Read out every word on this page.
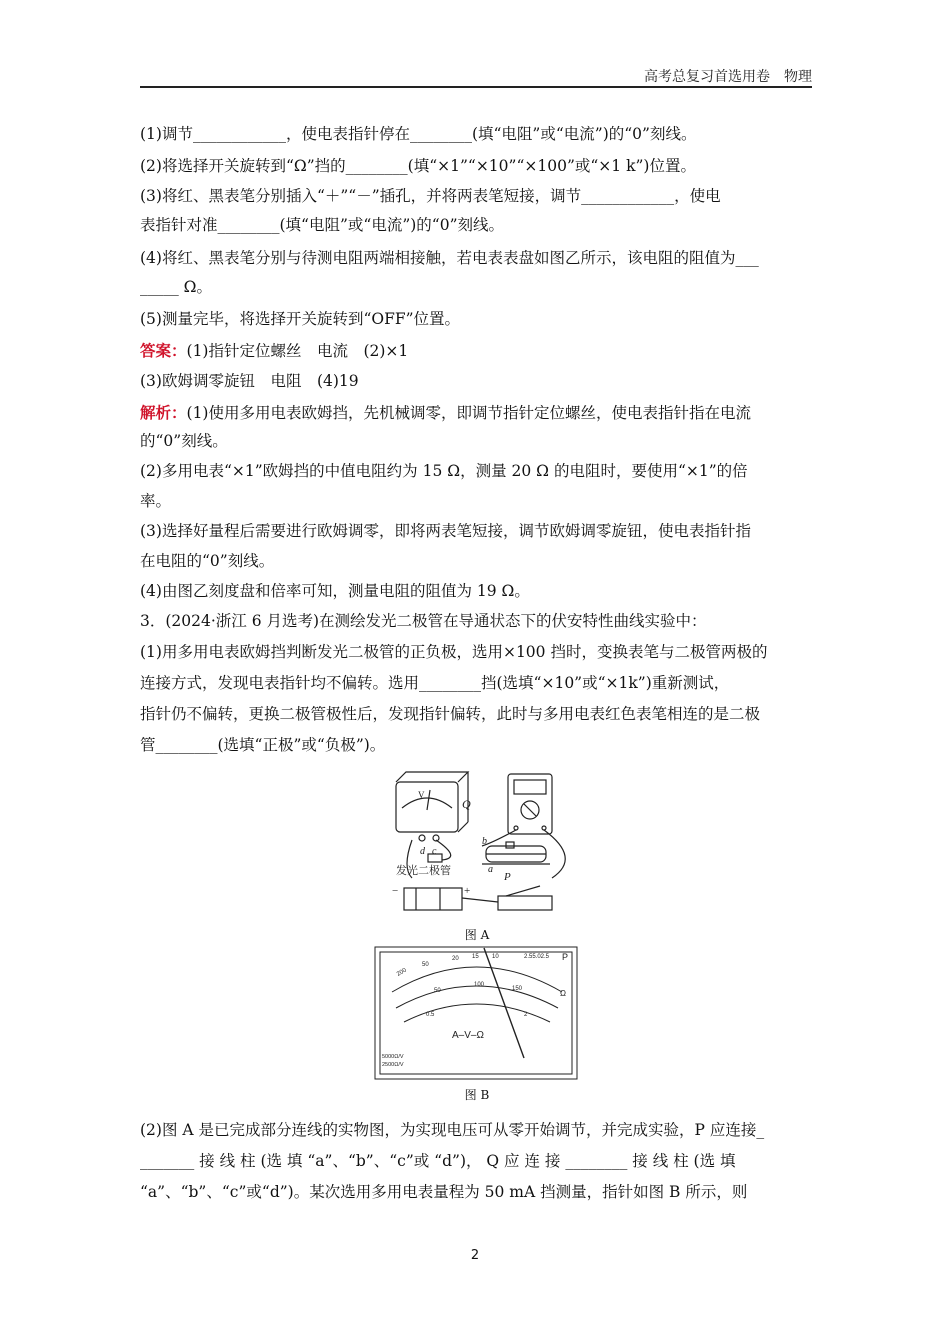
高考总复习首选用卷　物理

(1)调节____________，使电表指针停在________(填“电阻”或“电流”)的“0”刻线。

(2)将选择开关旋转到“Ω”挡的________(填“×1”“×10”“×100”或“×1 k”)位置。

(3)将红、黑表笔分别插入“＋”“－”插孔，并将两表笔短接，调节____________，使电

表指针对准________(填“电阻”或“电流”)的“0”刻线。

(4)将红、黑表笔分别与待测电阻两端相接触，若电表表盘如图乙所示，该电阻的阻值为___

_____ Ω。

(5)测量完毕，将选择开关旋转到“OFF”位置。

答案：(1)指针定位螺丝　电流　(2)×1

(3)欧姆调零旋钮　电阻　(4)19

解析：(1)使用多用电表欧姆挡，先机械调零，即调节指针定位螺丝，使电表指针指在电流

的“0”刻线。

(2)多用电表“×1”欧姆挡的中值电阻约为 15 Ω，测量 20 Ω 的电阻时，要使用“×1”的倍

率。

(3)选择好量程后需要进行欧姆调零，即将两表笔短接，调节欧姆调零旋钮，使电表指针指

在电阻的“0”刻线。

(4)由图乙刻度盘和倍率可知，测量电阻的阻值为 19 Ω。

3．(2024·浙江 6 月选考)在测绘发光二极管在导通状态下的伏安特性曲线实验中：

(1)用多用电表欧姆挡判断发光二极管的正负极，选用×100 挡时，变换表笔与二极管两极的

连接方式，发现电表指针均不偏转。选用________挡(选填“×10”或“×1k”)重新测试，

指针仍不偏转，更换二极管极性后，发现指针偏转，此时与多用电表红色表笔相连的是二极

管________(选填“正极”或“负极”)。

V
d c
Q
b
a
P
发光二极管
−	+
图 A
200
50
20 15 10	2.55.02.5 P
Ω
50
100
150
0.5	2
A–V–Ω
5000Ω/V
2500Ω/V
图 B

(2)图 A 是已完成部分连线的实物图，为实现电压可从零开始调节，并完成实验，P 应连接_

_______ 接 线 柱 (选 填 “a”、“b”、“c”或 “d”)， Q 应 连 接 ________ 接 线 柱 (选 填

“a”、“b”、“c”或“d”)。某次选用多用电表量程为 50 mA 挡测量，指针如图 B 所示，则

2
